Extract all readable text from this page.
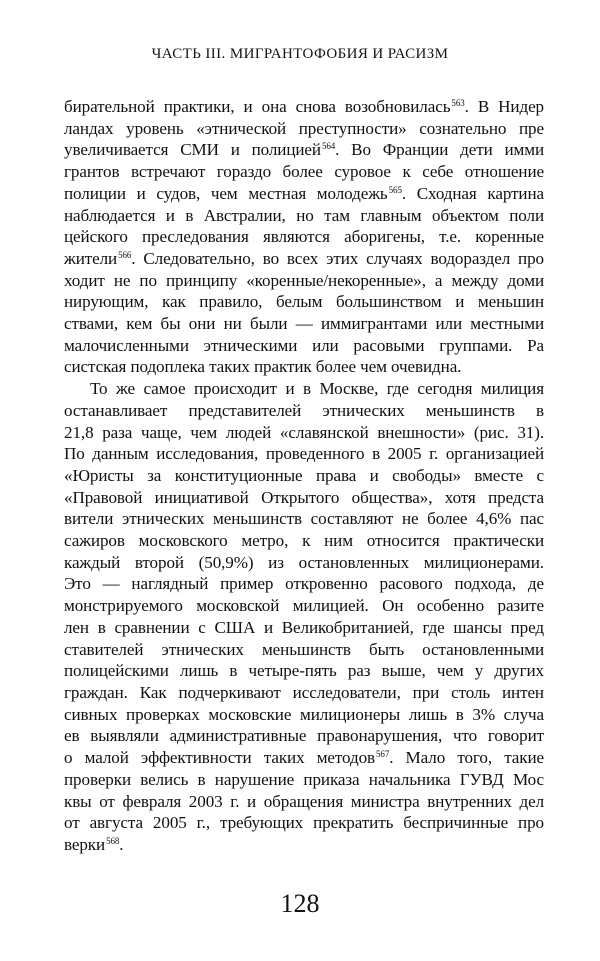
ЧАСТЬ III. МИГРАНТОФОБИЯ И РАСИЗМ
бирательной практики, и она снова возобновилась$^{563}$. В Нидер
ландах уровень «этнической преступности» сознательно пре
увеличивается СМИ и полицией$^{564}$. Во Франции дети имми
грантов встречают гораздо более суровое к себе отношение
полиции и судов, чем местная молодежь$^{565}$. Сходная картина
наблюдается и в Австралии, но там главным объектом поли
цейского преследования являются аборигены, т.е. коренные
жители$^{566}$. Следовательно, во всех этих случаях водораздел про
ходит не по принципу «коренные/некоренные», а между доми
нирующим, как правило, белым большинством и меньшин
ствами, кем бы они ни были — иммигрантами или местными
малочисленными этническими или расовыми группами. Ра
систская подоплека таких практик более чем очевидна.
То же самое происходит и в Москве, где сегодня милиция
останавливает представителей этнических меньшинств в
21,8 раза чаще, чем людей «славянской внешности» (рис. 31).
По данным исследования, проведенного в 2005 г. организацией
«Юристы за конституционные права и свободы» вместе с
«Правовой инициативой Открытого общества», хотя предста
вители этнических меньшинств составляют не более 4,6% пас
сажиров московского метро, к ним относится практически
каждый второй (50,9%) из остановленных милиционерами.
Это — наглядный пример откровенно расового подхода, де
монстрируемого московской милицией. Он особенно разите
лен в сравнении с США и Великобританией, где шансы пред
ставителей этнических меньшинств быть остановленными
полицейскими лишь в четыре-пять раз выше, чем у других
граждан. Как подчеркивают исследователи, при столь интен
сивных проверках московские милиционеры лишь в 3% случа
ев выявляли административные правонарушения, что говорит
о малой эффективности таких методов$^{567}$. Мало того, такие
проверки велись в нарушение приказа начальника ГУВД Мос
квы от февраля 2003 г. и обращения министра внутренних дел
от августа 2005 г., требующих прекратить беспричинные про
верки$^{568}$.
128
